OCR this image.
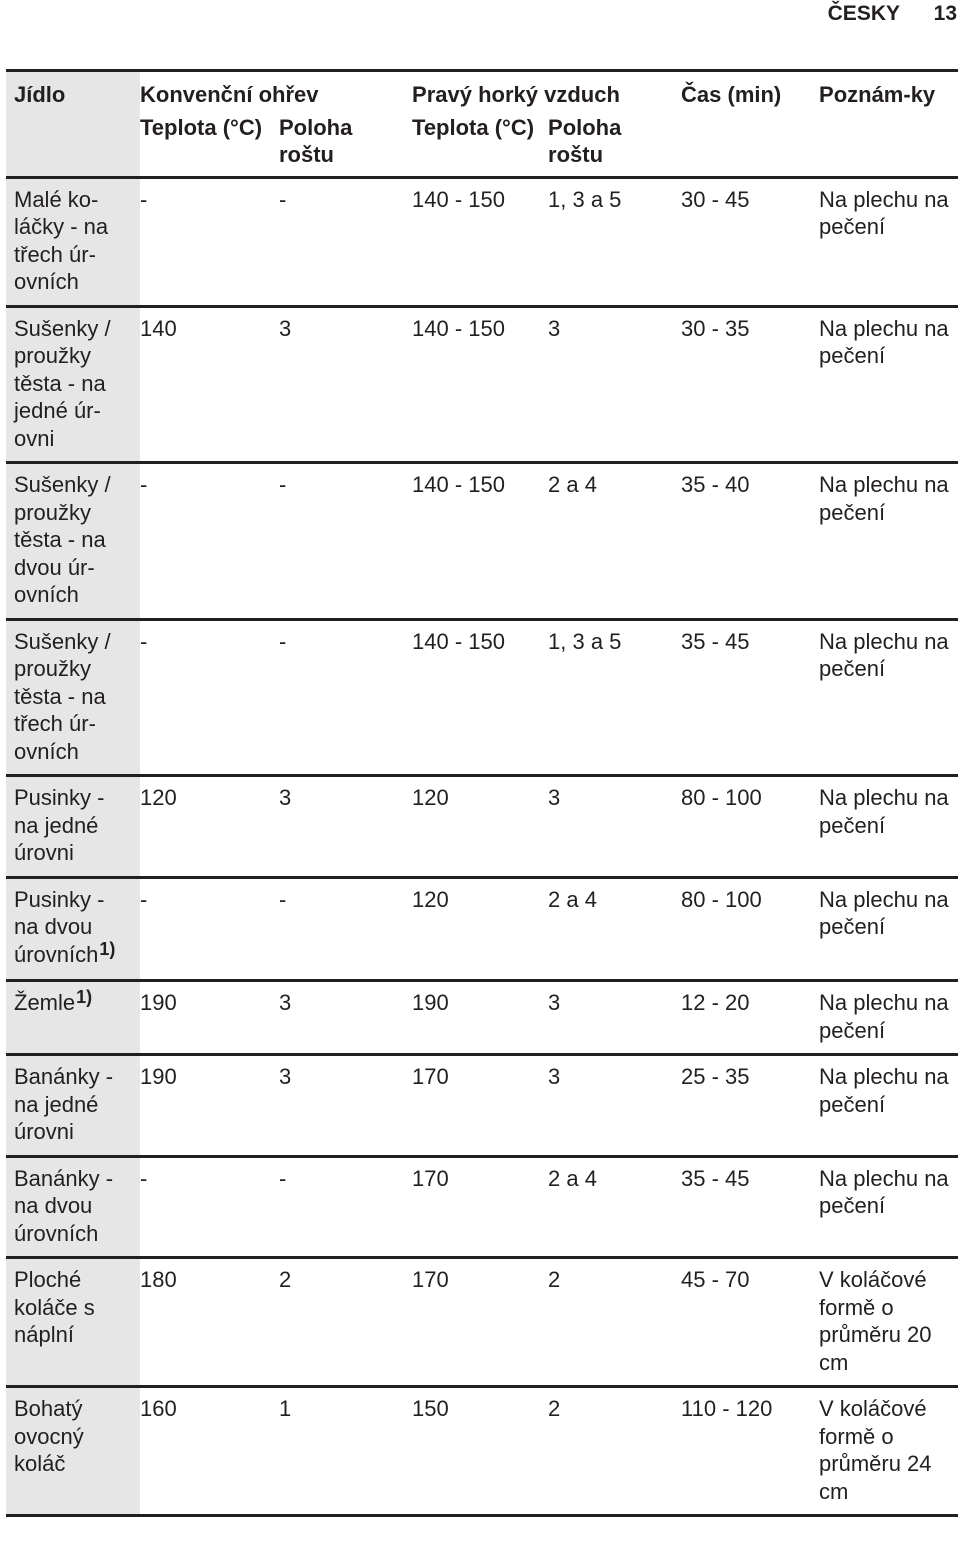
ČESKY 13
Jídlo	Konvenční ohřev		Pravý horký vzduch		Čas (min)	Poznám-ky
	Teplota (°C)	Poloha roštu	Teplota (°C)	Poloha roštu		
Malé ko-láčky - na třech úr-ovních	-	-	140 - 150	1, 3 a 5	30 - 45	Na plechu na pečení
Sušenky / proužky těsta - na jedné úr-ovni	140	3	140 - 150	3	30 - 35	Na plechu na pečení
Sušenky / proužky těsta - na dvou úr-ovních	-	-	140 - 150	2 a 4	35 - 40	Na plechu na pečení
Sušenky / proužky těsta - na třech úr-ovních	-	-	140 - 150	1, 3 a 5	35 - 45	Na plechu na pečení
Pusinky - na jedné úrovni	120	3	120	3	80 - 100	Na plechu na pečení
Pusinky - na dvou úrovních$^{1)}$	-	-	120	2 a 4	80 - 100	Na plechu na pečení
Žemle$^{1)}$	190	3	190	3	12 - 20	Na plechu na pečení
Banánky - na jedné úrovni	190	3	170	3	25 - 35	Na plechu na pečení
Banánky - na dvou úrovních	-	-	170	2 a 4	35 - 45	Na plechu na pečení
Ploché koláče s náplní	180	2	170	2	45 - 70	V koláčové formě o průměru 20 cm
Bohatý ovocný koláč	160	1	150	2	110 - 120	V koláčové formě o průměru 24 cm
